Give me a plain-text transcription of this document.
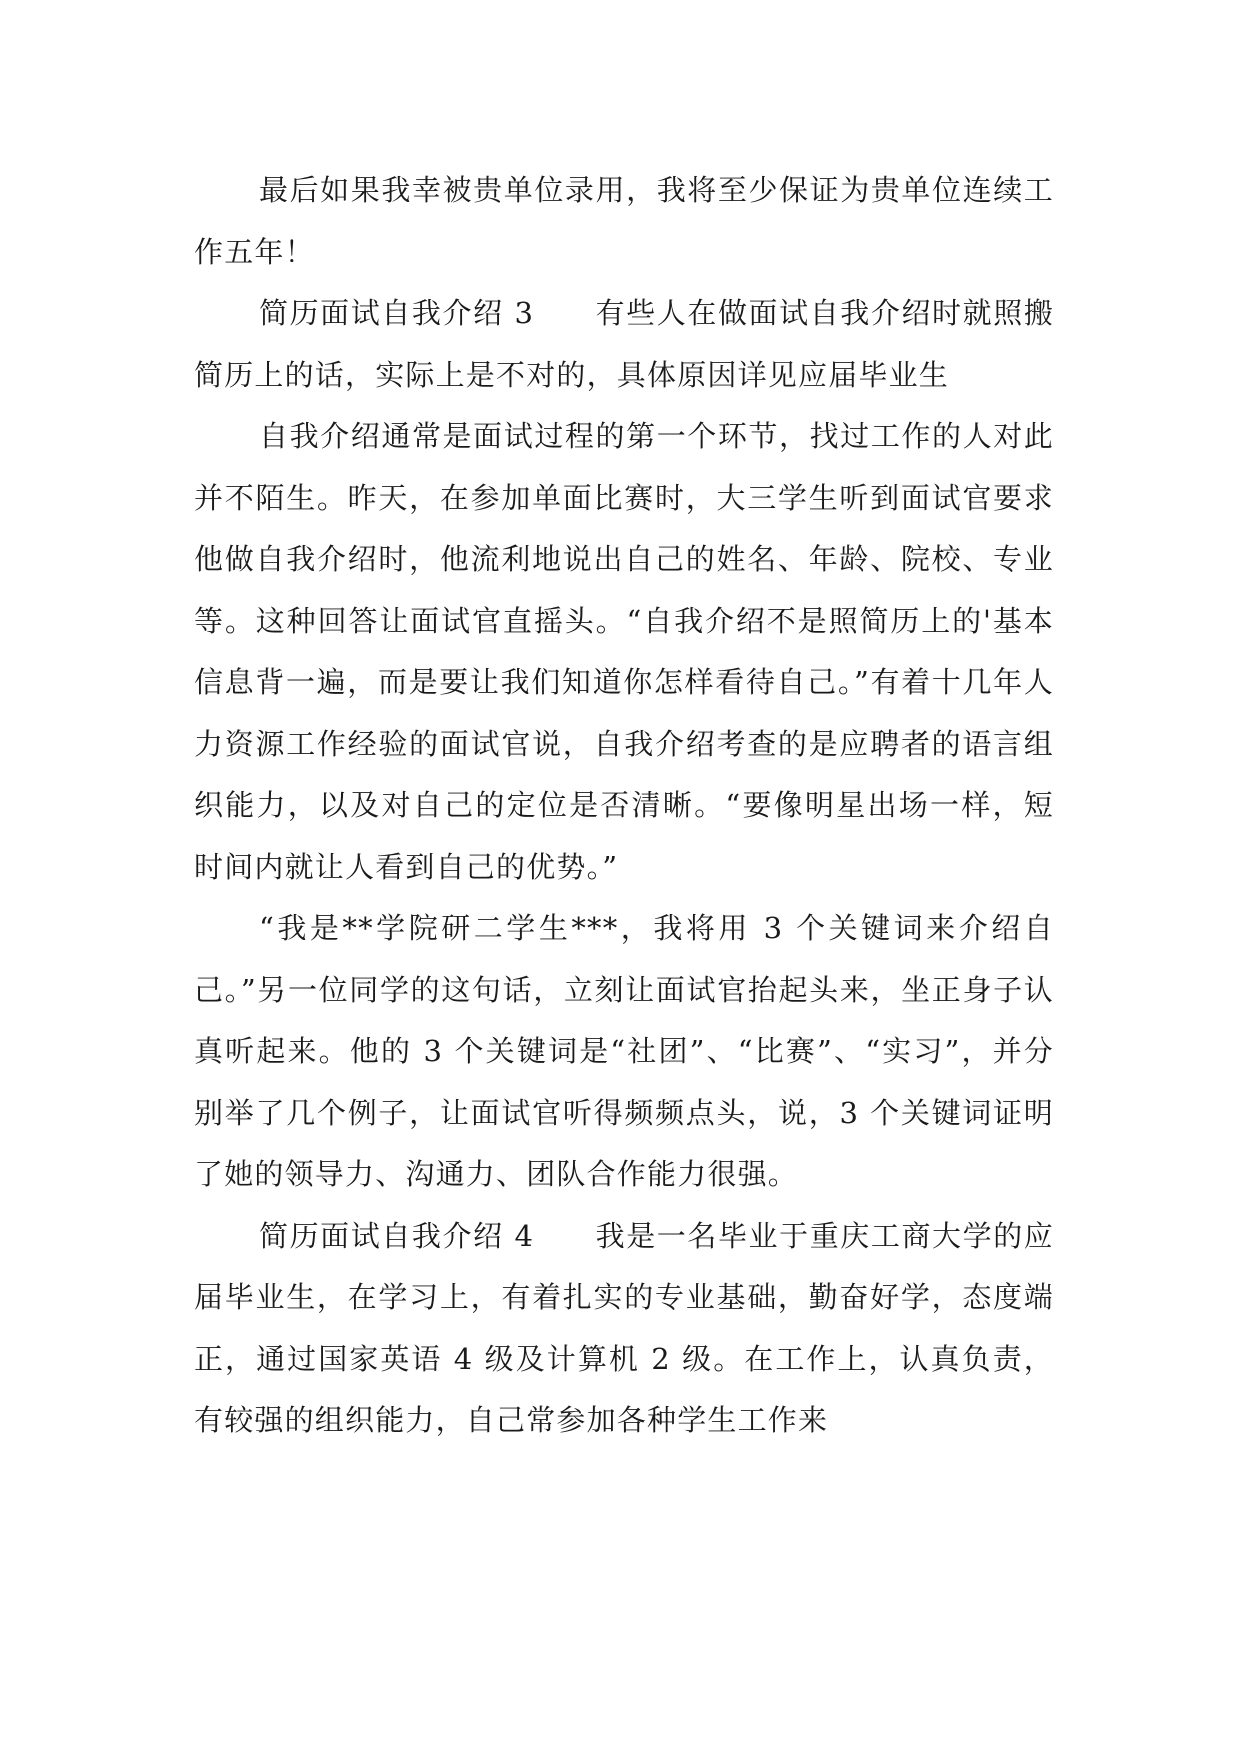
最后如果我幸被贵单位录用，我将至少保证为贵单位连续工作五年！

简历面试自我介绍 3　　有些人在做面试自我介绍时就照搬简历上的话，实际上是不对的，具体原因详见应届毕业生

自我介绍通常是面试过程的第一个环节，找过工作的人对此并不陌生。昨天，在参加单面比赛时，大三学生听到面试官要求他做自我介绍时，他流利地说出自己的姓名、年龄、院校、专业等。这种回答让面试官直摇头。“自我介绍不是照简历上的'基本信息背一遍，而是要让我们知道你怎样看待自己。”有着十几年人力资源工作经验的面试官说，自我介绍考查的是应聘者的语言组织能力，以及对自己的定位是否清晰。“要像明星出场一样，短时间内就让人看到自己的优势。”

“我是**学院研二学生***，我将用 3 个关键词来介绍自己。”另一位同学的这句话，立刻让面试官抬起头来，坐正身子认真听起来。他的 3 个关键词是“社团”、“比赛”、“实习”，并分别举了几个例子，让面试官听得频频点头，说，3 个关键词证明了她的领导力、沟通力、团队合作能力很强。

简历面试自我介绍 4　　我是一名毕业于重庆工商大学的应届毕业生，在学习上，有着扎实的专业基础，勤奋好学，态度端正，通过国家英语 4 级及计算机 2 级。在工作上，认真负责，有较强的组织能力，自己常参加各种学生工作来
